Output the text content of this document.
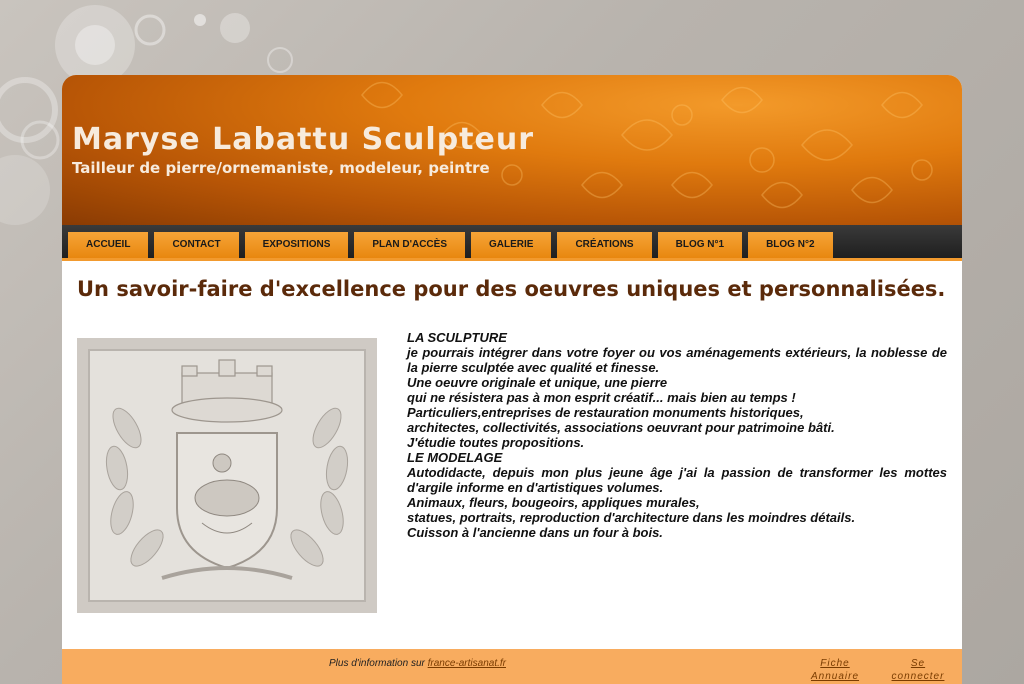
Maryse Labattu Sculpteur

Tailleur de pierre/ornemaniste, modeleur, peintre

ACCUEIL	CONTACT	EXPOSITIONS	PLAN D'ACCÈS	GALERIE	CRÉATIONS	BLOG N°1	BLOG N°2
Un savoir-faire d'excellence pour des oeuvres uniques et personnalisées.

LA SCULPTURE

je pourrais intégrer dans votre foyer ou vos aménagements extérieurs, la noblesse de la pierre sculptée avec qualité et finesse.

Une oeuvre originale et unique, une pierre

qui ne résistera pas à mon esprit créatif... mais bien au temps !

Particuliers,entreprises de restauration monuments historiques,

architectes, collectivités, associations oeuvrant pour patrimoine bâti.

J'étudie toutes propositions.

LE MODELAGE

Autodidacte, depuis mon plus jeune âge j'ai la passion de transformer les mottes d'argile informe en d'artistiques volumes.

Animaux, fleurs, bougeoirs, appliques murales,

statues, portraits, reproduction d'architecture dans les moindres détails.

Cuisson à l'ancienne dans un four à bois.

Plus d'information sur france-artisanat.fr	Fiche
Annuaire
Se
connecter
